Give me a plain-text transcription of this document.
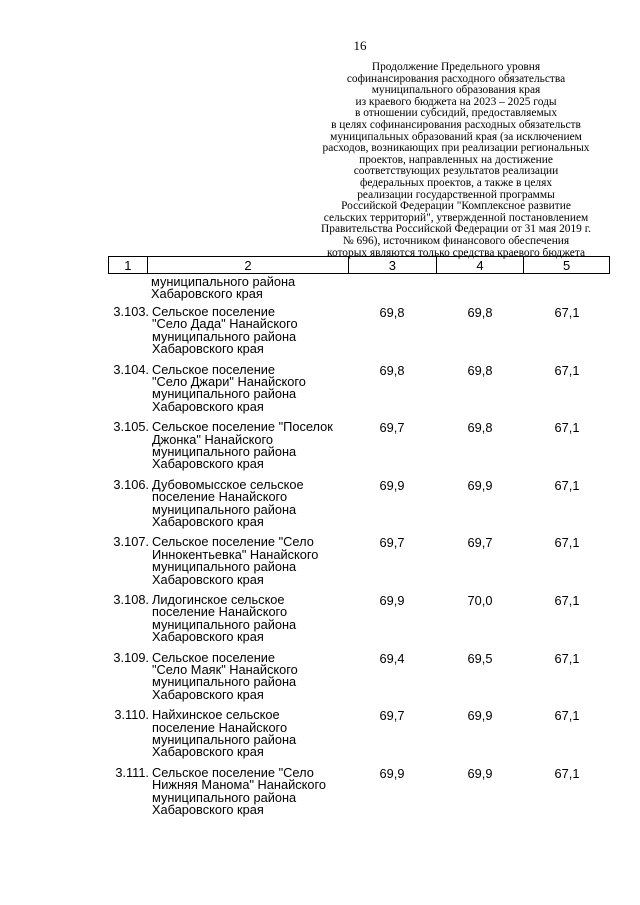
16
Продолжение Предельного уровня
софинансирования расходного обязательства
муниципального образования края
из краевого бюджета на 2023 – 2025 годы
в отношении субсидий, предоставляемых
в целях софинансирования расходных обязательств
муниципальных образований края (за исключением
расходов, возникающих при реализации региональных
проектов, направленных на достижение
соответствующих результатов реализации
федеральных проектов, а также в целях
реализации государственной программы
Российской Федерации "Комплексное развитие
сельских территорий", утвержденной постановлением
Правительства Российской Федерации от 31 мая 2019 г.
№ 696), источником финансового обеспечения
которых являются только средства краевого бюджета
1	2	3	4	5
муниципального района
Хабаровского края
3.103. Сельское поселение
"Село Дада" Нанайского
муниципального района
Хабаровского края
69,8	69,8	67,1
3.104. Сельское поселение
"Село Джари" Нанайского
муниципального района
Хабаровского края
69,8	69,8	67,1
3.105. Сельское поселение "Поселок
Джонка" Нанайского
муниципального района
Хабаровского края
69,7	69,8	67,1
3.106. Дубовомысское сельское
поселение Нанайского
муниципального района
Хабаровского края
69,9	69,9	67,1
3.107. Сельское поселение "Село
Иннокентьевка" Нанайского
муниципального района
Хабаровского края
69,7	69,7	67,1
3.108. Лидогинское сельское
поселение Нанайского
муниципального района
Хабаровского края
69,9	70,0	67,1
3.109. Сельское поселение
"Село Маяк" Нанайского
муниципального района
Хабаровского края
69,4	69,5	67,1
3.110. Найхинское сельское
поселение Нанайского
муниципального района
Хабаровского края
69,7	69,9	67,1
3.111. Сельское поселение "Село
Нижняя Манома" Нанайского
муниципального района
Хабаровского края
69,9	69,9	67,1
